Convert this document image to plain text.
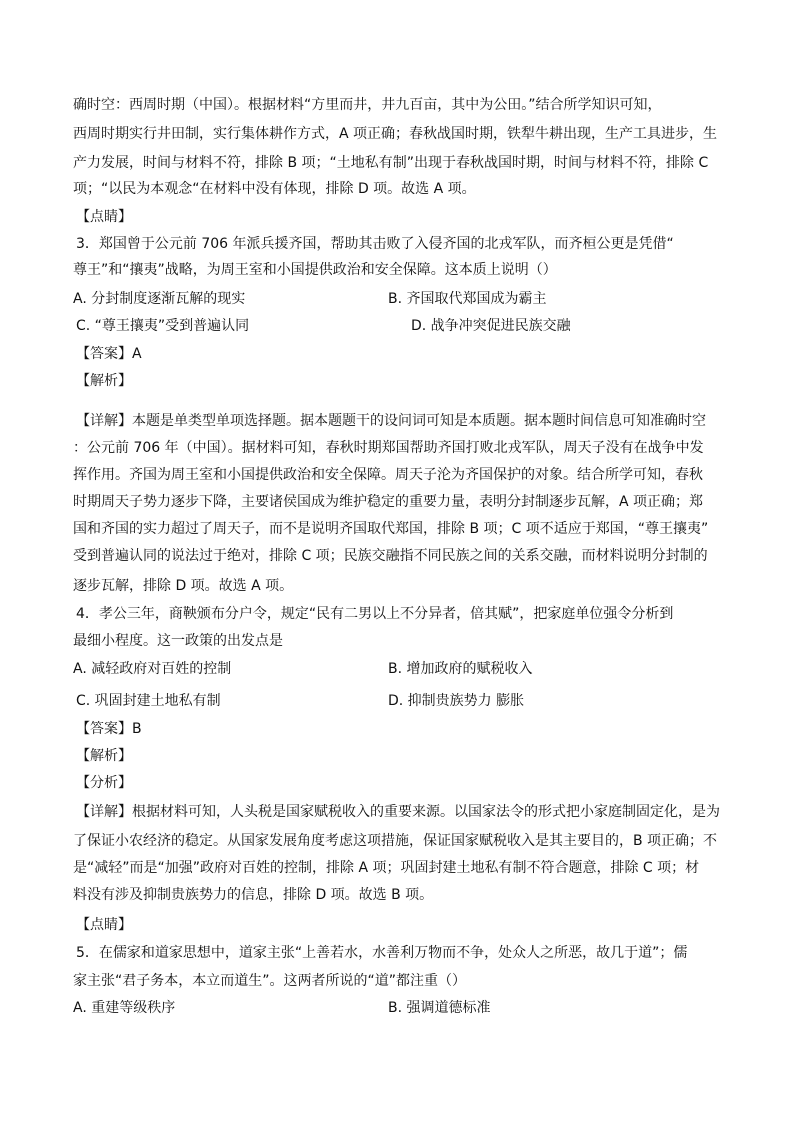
确时空：西周时期（中国）。根据材料“方里而井，井九百亩，其中为公田。”结合所学知识可知，
西周时期实行井田制，实行集体耕作方式，A 项正确；春秋战国时期，铁犁牛耕出现，生产工具进步，生
产力发展，时间与材料不符，排除 B 项；“土地私有制”出现于春秋战国时期，时间与材料不符，排除 C
项；“以民为本观念“在材料中没有体现，排除 D 项。故选 A 项。
【点睛】
3．郑国曾于公元前 706 年派兵援齐国，帮助其击败了入侵齐国的北戎军队，而齐桓公更是凭借“
尊王”和“攘夷”战略，为周王室和小国提供政治和安全保障。这本质上说明（）
A. 分封制度逐渐瓦解的现实	B. 齐国取代郑国成为霸主
C. “尊王攘夷”受到普遍认同	D. 战争冲突促进民族交融
【答案】A
【解析】
【详解】本题是单类型单项选择题。据本题题干的设问词可知是本质题。据本题时间信息可知准确时空
：公元前 706 年（中国）。据材料可知，春秋时期郑国帮助齐国打败北戎军队，周天子没有在战争中发
挥作用。齐国为周王室和小国提供政治和安全保障。周天子沦为齐国保护的对象。结合所学可知，春秋
时期周天子势力逐步下降，主要诸侯国成为维护稳定的重要力量，表明分封制逐步瓦解，A 项正确；郑
国和齐国的实力超过了周天子，而不是说明齐国取代郑国，排除 B 项；C 项不适应于郑国，“尊王攘夷”
受到普遍认同的说法过于绝对，排除 C 项；民族交融指不同民族之间的关系交融，而材料说明分封制的
逐步瓦解，排除 D 项。故选 A 项。
4．孝公三年，商鞅颁布分户令，规定“民有二男以上不分异者，倍其赋”，把家庭单位强令分析到
最细小程度。这一政策的出发点是
A. 减轻政府对百姓的控制	B. 增加政府的赋税收入
C. 巩固封建土地私有制	D. 抑制贵族势力 膨胀
【答案】B
【解析】
【分析】
【详解】根据材料可知，人头税是国家赋税收入的重要来源。以国家法令的形式把小家庭制固定化，是为
了保证小农经济的稳定。从国家发展角度考虑这项措施，保证国家赋税收入是其主要目的，B 项正确；不
是“减轻”而是“加强”政府对百姓的控制，排除 A 项；巩固封建土地私有制不符合题意，排除 C 项；材
料没有涉及抑制贵族势力的信息，排除 D 项。故选 B 项。
【点睛】
5．在儒家和道家思想中，道家主张“上善若水，水善利万物而不争，处众人之所恶，故几于道”；儒
家主张“君子务本，本立而道生”。这两者所说的“道”都注重（）
A. 重建等级秩序	B. 强调道德标准
